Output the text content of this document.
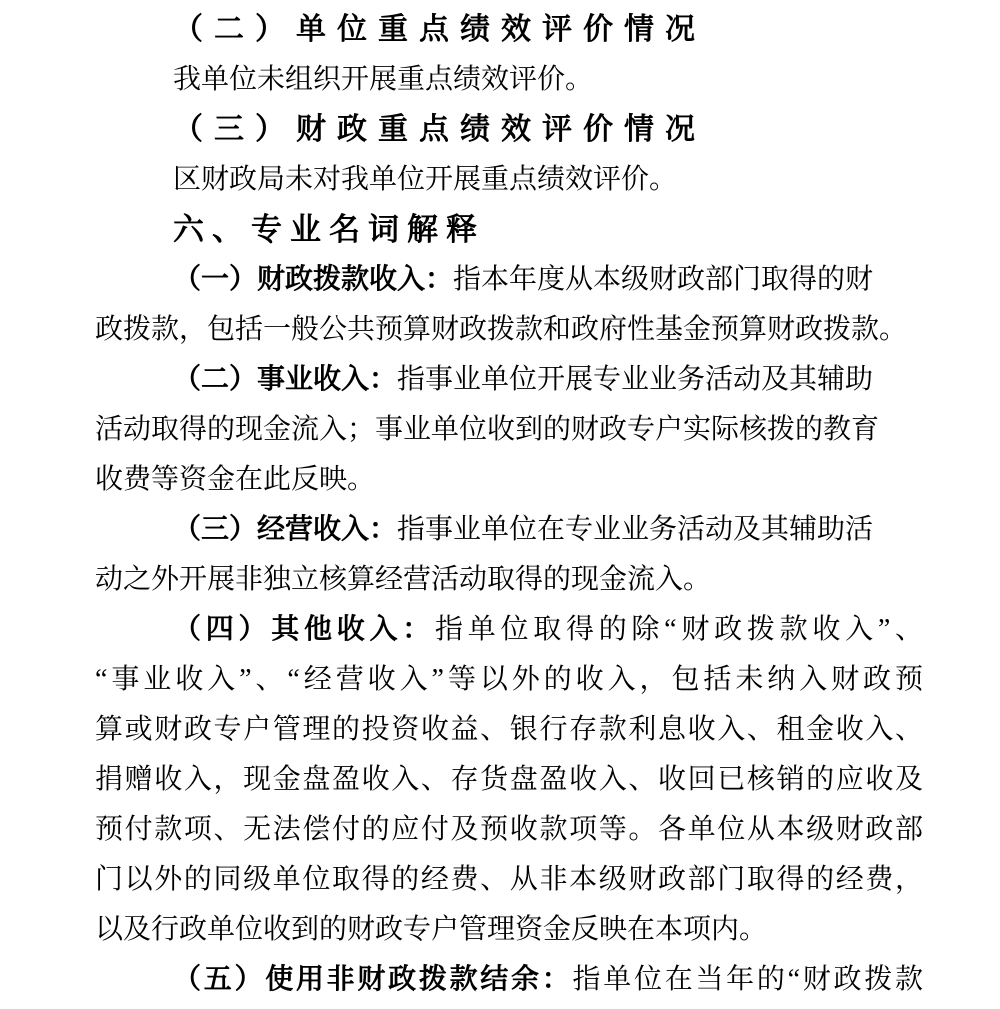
（二）单位重点绩效评价情况
我单位未组织开展重点绩效评价。
（三）财政重点绩效评价情况
区财政局未对我单位开展重点绩效评价。
六、专业名词解释
（一）财政拨款收入：指本年度从本级财政部门取得的财
政拨款，包括一般公共预算财政拨款和政府性基金预算财政拨款。
（二）事业收入：指事业单位开展专业业务活动及其辅助
活动取得的现金流入；事业单位收到的财政专户实际核拨的教育
收费等资金在此反映。
（三）经营收入：指事业单位在专业业务活动及其辅助活
动之外开展非独立核算经营活动取得的现金流入。
（四）其他收入：指单位取得的除“财政拨款收入”、
“事业收入”、“经营收入”等以外的收入，包括未纳入财政预
算或财政专户管理的投资收益、银行存款利息收入、租金收入、
捐赠收入，现金盘盈收入、存货盘盈收入、收回已核销的应收及
预付款项、无法偿付的应付及预收款项等。各单位从本级财政部
门以外的同级单位取得的经费、从非本级财政部门取得的经费，
以及行政单位收到的财政专户管理资金反映在本项内。
（五）使用非财政拨款结余：指单位在当年的“财政拨款
